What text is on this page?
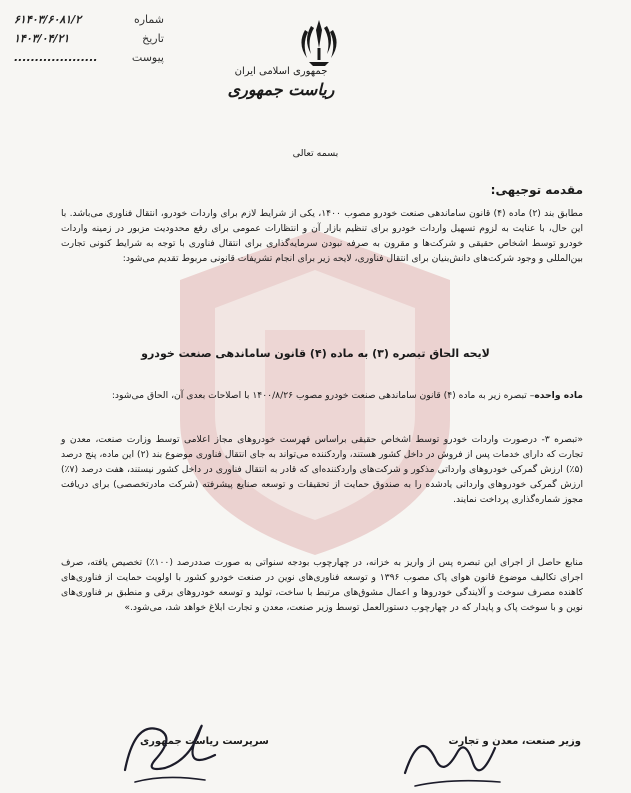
۶۱۴۰۳/۶۰۸۱/۲	شماره
۱۴۰۳/۰۴/۲۱	تاریخ
....................	پیوست
جمهوری اسلامی ایران
ریاست جمهوری
بسمه تعالی
مقدمه توجیهی:
مطابق بند (۲) ماده (۴) قانون ساماندهی صنعت خودرو مصوب ۱۴۰۰، یکی از شرایط لازم برای واردات خودرو، انتقال فناوری می‌باشد. با این حال، با عنایت به لزوم تسهیل واردات خودرو برای تنظیم بازار آن و انتظارات عمومی برای رفع محدودیت مزبور در زمینه واردات خودرو توسط اشخاص حقیقی و شرکت‌ها و مقرون به صرفه نبودن سرمایه‌گذاری برای انتقال فناوری با توجه به شرایط کنونی تجارت بین‌المللی و وجود شرکت‌های دانش‌بنیان برای انتقال فناوری، لایحه زیر برای انجام تشریفات قانونی مربوط تقدیم می‌شود:
لایحه الحاق تبصره (۳) به ماده (۴) قانون ساماندهی صنعت خودرو
ماده واحده– تبصره زیر به ماده (۴) قانون ساماندهی صنعت خودرو مصوب ۱۴۰۰/۸/۲۶ با اصلاحات بعدی آن، الحاق می‌شود:
«تبصره ۳- درصورت واردات خودرو توسط اشخاص حقیقی براساس فهرست خودروهای مجاز اعلامی توسط وزارت صنعت، معدن و تجارت که دارای خدمات پس از فروش در داخل کشور هستند، واردکننده می‌تواند به جای انتقال فناوری موضوع بند (۲) این ماده، پنج درصد (۵٪) ارزش گمرکی خودروهای وارداتی مذکور و شرکت‌های واردکننده‌ای که قادر به انتقال فناوری در داخل کشور نیستند، هفت درصد (۷٪) ارزش گمرکی خودروهای وارداتی یادشده را به صندوق حمایت از تحقیقات و توسعه صنایع پیشرفته (شرکت مادرتخصصی) برای دریافت مجوز شماره‌گذاری پرداخت نمایند.
منابع حاصل از اجرای این تبصره پس از واریز به خزانه، در چهارچوب بودجه سنواتی به صورت صددرصد (۱۰۰٪) تخصیص یافته، صرف اجرای تکالیف موضوع قانون هوای پاک مصوب ۱۳۹۶ و توسعه فناوری‌های نوین در صنعت خودرو کشور با اولویت حمایت از فناوری‌های کاهنده مصرف سوخت و آلایندگی خودروها و اعمال مشوق‌های مرتبط با ساخت، تولید و توسعه خودروهای برقی و منطبق بر فناوری‌های نوین و با سوخت پاک و پایدار که در چهارچوب دستورالعمل توسط وزیر صنعت، معدن و تجارت ابلاغ خواهد شد، می‌شود.»
سرپرست ریاست جمهوری	وزیر صنعت، معدن و تجارت
